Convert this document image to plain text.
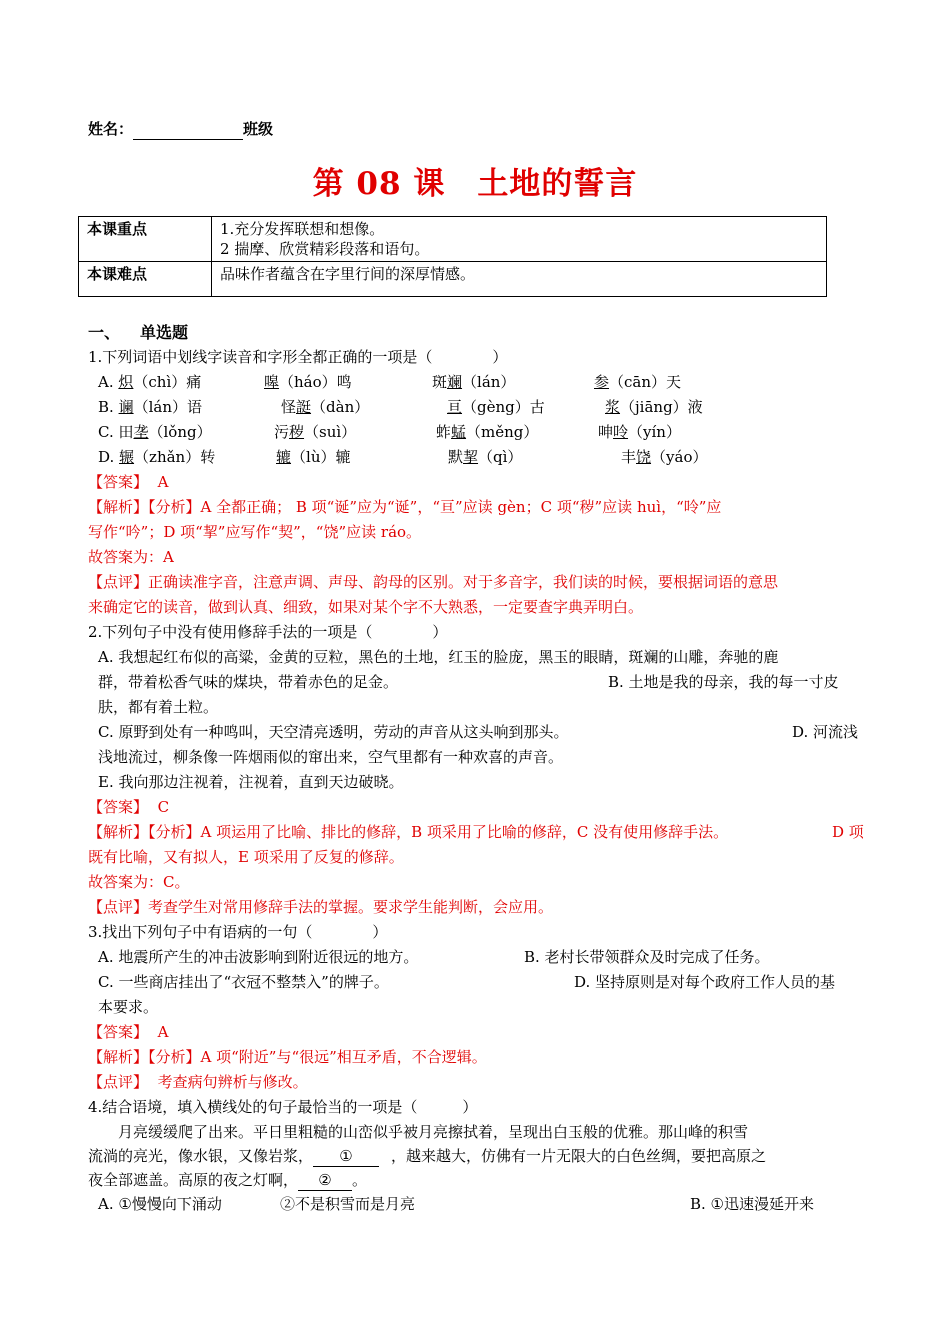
姓名：	班级
第 08 课　土地的誓言
本课重点	1.充分发挥联想和想像。
2 揣摩、欣赏精彩段落和语句。

本课难点	品味作者蕴含在字里行间的深厚情感。
一、 单选题
1.下列词语中划线字读音和字形全都正确的一项是（　　　　）
A. 炽（chì）痛	嗥（háo）鸣	斑斓（lán）	参（cān）天
B. 谰（lán）语	怪誔（dàn）	亘（gèng）古	浆（jiāng）液
C. 田垄（lǒng）	污秽（suì）	蚱蜢（měng）	呻呤（yín）
D. 辗（zhǎn）转	辘（lù）辘	默挈（qì）	丰饶（yáo）
【答案】 A
【解析】【分析】A 全都正确； B 项“诞”应为“诞”，“亘”应读 gèn；C 项“秽”应读 huì，“呤”应
写作“吟”；D 项“挈”应写作“契”，“饶”应读 ráo。
故答案为：A
【点评】正确读准字音，注意声调、声母、韵母的区别。对于多音字，我们读的时候，要根据词语的意思
来确定它的读音，做到认真、细致，如果对某个字不大熟悉，一定要查字典弄明白。
2.下列句子中没有使用修辞手法的一项是（　　　　）
A. 我想起红布似的高粱，金黄的豆粒，黑色的土地，红玉的脸庞，黑玉的眼睛，斑斓的山雕，奔驰的鹿
群，带着松香气味的煤块，带着赤色的足金。	B. 土地是我的母亲，我的每一寸皮
肤，都有着土粒。
C. 原野到处有一种鸣叫，天空清亮透明，劳动的声音从这头响到那头。	D. 河流浅
浅地流过，柳条像一阵烟雨似的窜出来，空气里都有一种欢喜的声音。
E. 我向那边注视着，注视着，直到天边破晓。
【答案】 C
【解析】【分析】A 项运用了比喻、排比的修辞，B 项采用了比喻的修辞，C 没有使用修辞手法。	D 项
既有比喻，又有拟人，E 项采用了反复的修辞。
故答案为：C。
【点评】考查学生对常用修辞手法的掌握。要求学生能判断，会应用。
3.找出下列句子中有语病的一句（　　　　）
A. 地震所产生的冲击波影响到附近很远的地方。	B. 老村长带领群众及时完成了任务。
C. 一些商店挂出了“衣冠不整禁入”的牌子。	D. 坚持原则是对每个政府工作人员的基
本要求。
【答案】 A
【解析】【分析】A 项“附近”与“很远”相互矛盾，不合逻辑。
【点评】 考查病句辨析与修改。
4.结合语境，填入横线处的句子最恰当的一项是（　　　）
月亮缓缓爬了出来。平日里粗糙的山峦似乎被月亮擦拭着，呈现出白玉般的优雅。那山峰的积雪
流淌的亮光，像水银，又像岩浆， ①	，越来越大，仿佛有一片无限大的白色丝绸，要把高原之
夜全部遮盖。高原的夜之灯啊， ② 。
A. ①慢慢向下涌动	②不是积雪而是月亮	B. ①迅速漫延开来
